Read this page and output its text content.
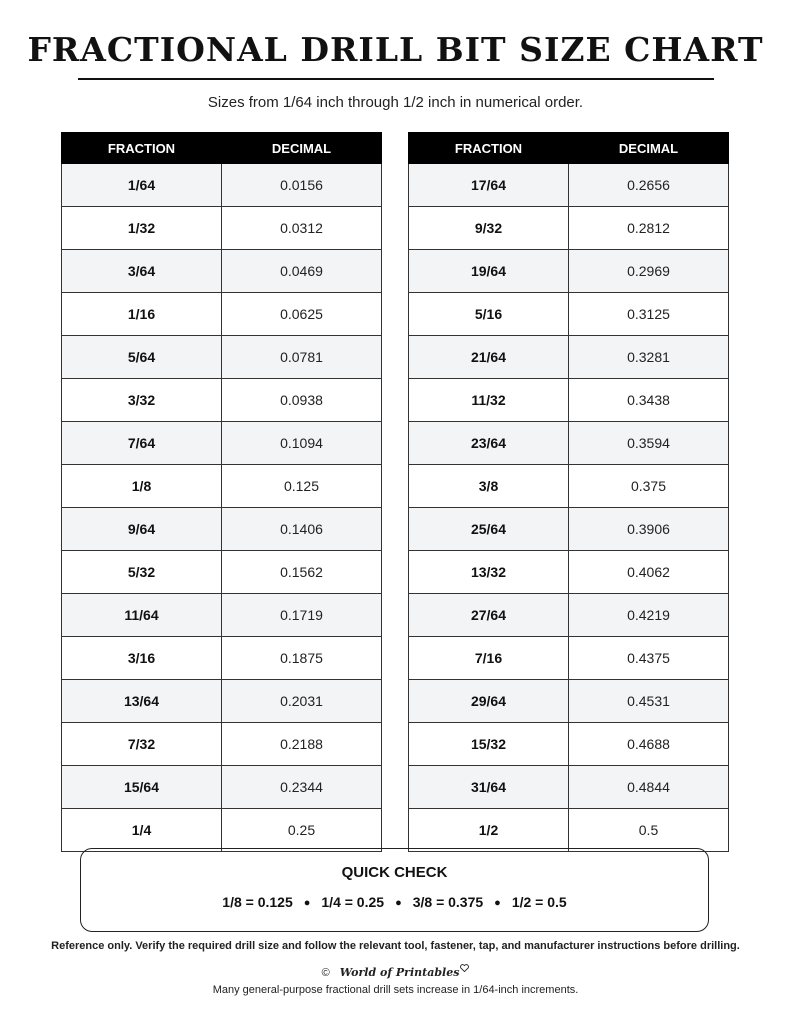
FRACTIONAL DRILL BIT SIZE CHART
Sizes from 1/64 inch through 1/2 inch in numerical order.
FRACTION	DECIMAL
1/64	0.0156
1/32	0.0312
3/64	0.0469
1/16	0.0625
5/64	0.0781
3/32	0.0938
7/64	0.1094
1/8	0.125
9/64	0.1406
5/32	0.1562
11/64	0.1719
3/16	0.1875
13/64	0.2031
7/32	0.2188
15/64	0.2344
1/4	0.25
FRACTION	DECIMAL
17/64	0.2656
9/32	0.2812
19/64	0.2969
5/16	0.3125
21/64	0.3281
11/32	0.3438
23/64	0.3594
3/8	0.375
25/64	0.3906
13/32	0.4062
27/64	0.4219
7/16	0.4375
29/64	0.4531
15/32	0.4688
31/64	0.4844
1/2	0.5
QUICK CHECK
1/8 = 0.125 ● 1/4 = 0.25 ● 3/8 = 0.375 ● 1/2 = 0.5
Reference only. Verify the required drill size and follow the relevant tool, fastener, tap, and manufacturer instructions before drilling.
© World of Printables
Many general-purpose fractional drill sets increase in 1/64-inch increments.
